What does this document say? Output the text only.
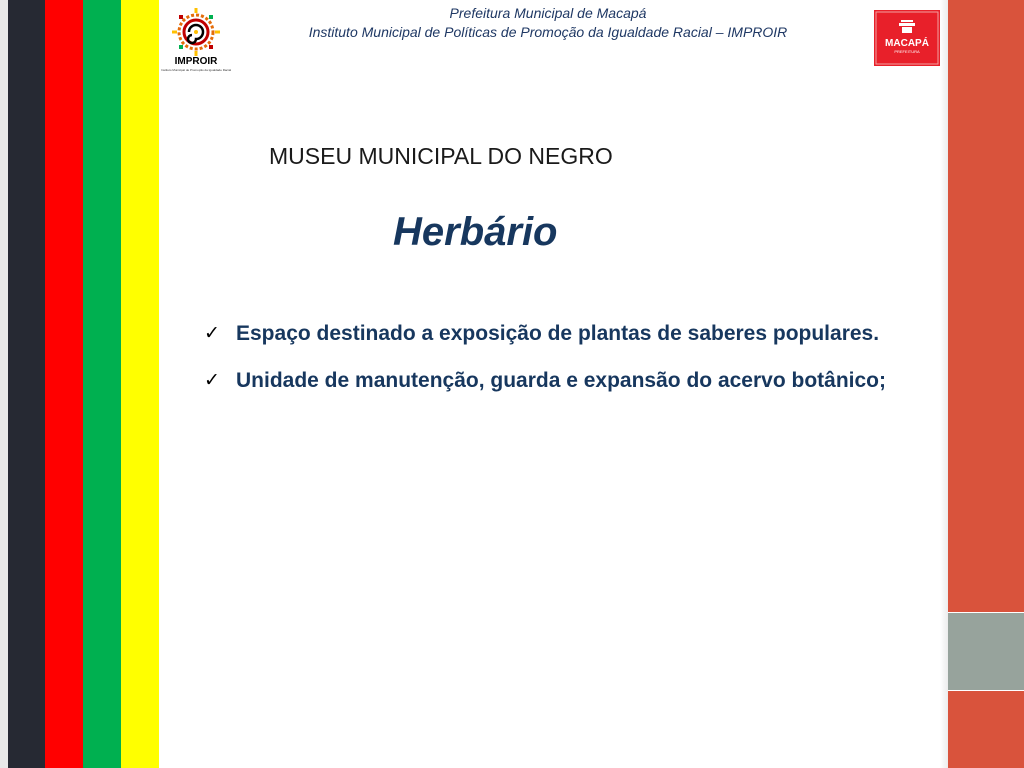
IMPROIR
Instituto Municipal de Promoção da Igualdade Racial
MACAPÁ
PREFEITURA
Prefeitura Municipal de Macapá
Instituto Municipal de Políticas de Promoção da Igualdade Racial – IMPROIR
MUSEU MUNICIPAL DO NEGRO
Herbário
✓ Espaço destinado a exposição de plantas de saberes populares.
✓ Unidade de manutenção, guarda e expansão do acervo botânico;
